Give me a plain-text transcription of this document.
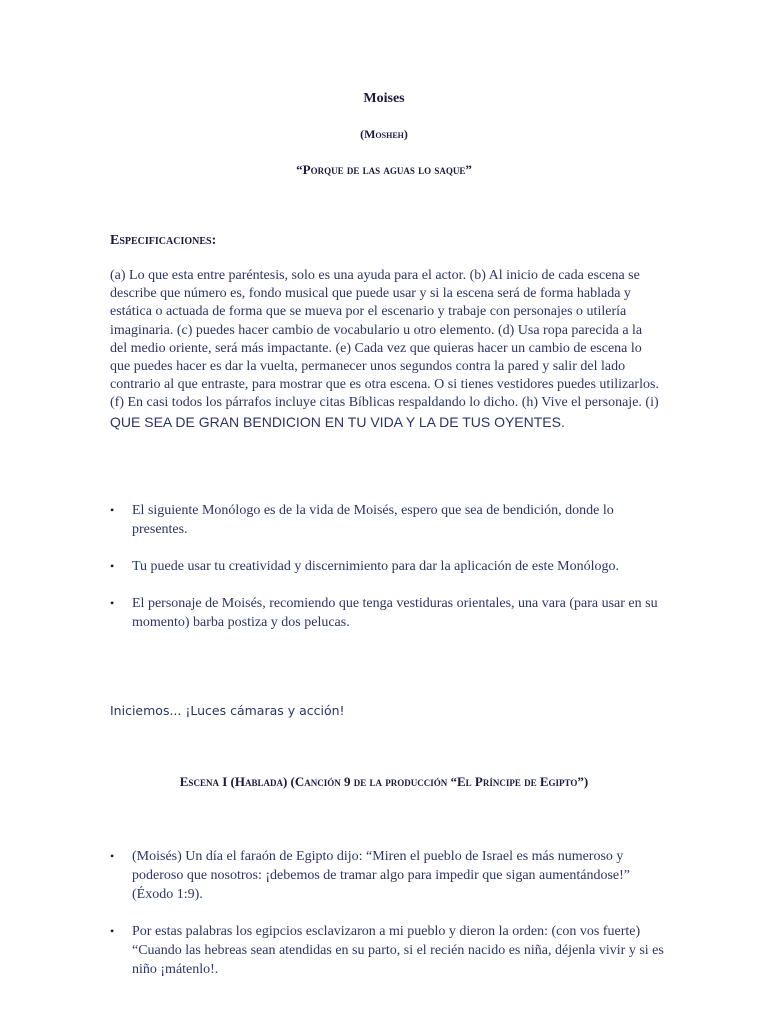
Moises
(Mosheh)
“Porque de las aguas lo saque”
Especificaciones:
(a) Lo que esta entre paréntesis, solo es una ayuda para el actor. (b) Al inicio de cada escena se describe que número es, fondo musical que puede usar y si la escena será de forma hablada y estática o actuada de forma que se mueva por el escenario y trabaje con personajes o utilería imaginaria. (c) puedes hacer cambio de vocabulario u otro elemento. (d) Usa ropa parecida a la del medio oriente, será más impactante. (e) Cada vez que quieras hacer un cambio de escena lo que puedes hacer es dar la vuelta, permanecer unos segundos contra la pared y salir del lado contrario al que entraste, para mostrar que es otra escena. O si tienes vestidores puedes utilizarlos. (f) En casi todos los párrafos incluye citas Bíblicas respaldando lo dicho. (h) Vive el personaje. (i) QUE SEA DE GRAN BENDICION EN TU VIDA Y LA DE TUS OYENTES.
• El siguiente Monólogo es de la vida de Moisés, espero que sea de bendición, donde lo presentes.
• Tu puede usar tu creatividad y discernimiento para dar la aplicación de este Monólogo.
• El personaje de Moisés, recomiendo que tenga vestiduras orientales, una vara (para usar en su momento) barba postiza y dos pelucas.
Iniciemos... ¡Luces cámaras y acción!
Escena I (Hablada) (Canción 9 de la producción “El Príncipe de Egipto”)
• (Moisés) Un día el faraón de Egipto dijo: “Miren el pueblo de Israel es más numeroso y poderoso que nosotros: ¡debemos de tramar algo para impedir que sigan aumentándose!” (Éxodo 1:9).
• Por estas palabras los egipcios esclavizaron a mi pueblo y dieron la orden: (con vos fuerte) “Cuando las hebreas sean atendidas en su parto, si el recién nacido es niña, déjenla vivir y si es niño ¡mátenlo!.
